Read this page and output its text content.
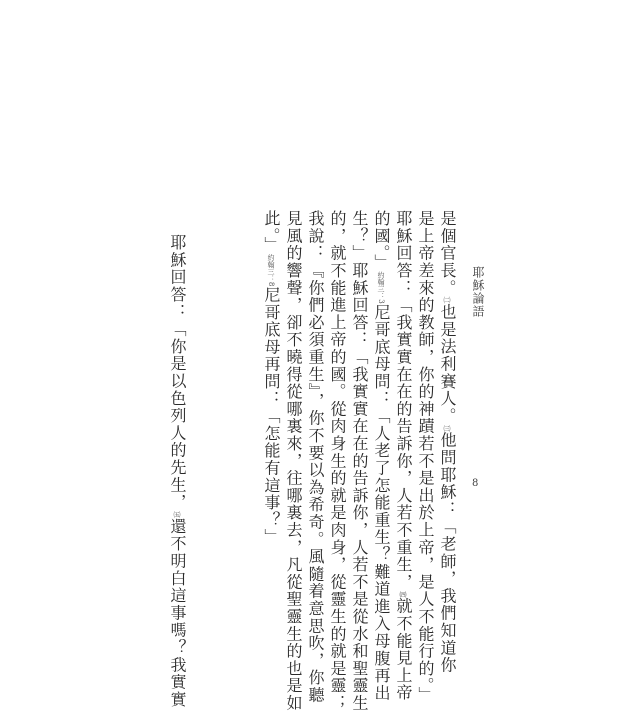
耶穌論語
8
是個官長。㈡也是法利賽人。㈢他問耶穌：「老師，我們知道你
是上帝差來的教師，你的神蹟若不是出於上帝，是人不能行的。」
耶穌回答：「我實實在在的告訴你，人若不重生，㈣就不能見上帝
的國。」約翰三：3尼哥底母問：「人老了怎能重生？難道進入母腹再出
生？」耶穌回答：「我實實在在的告訴你，人若不是從水和聖靈生
的，就不能進上帝的國。從肉身生的就是肉身，從靈生的就是靈；
我說：『你們必須重生』，你不要以為希奇。風隨着意思吹，你聽
見風的響聲，卻不曉得從哪裏來，往哪裏去，凡從聖靈生的也是如
此。」約翰三：8尼哥底母再問：「怎能有這事？」
耶穌回答：「你是以色列人的先生，㈤還不明白這事嗎？我實實
